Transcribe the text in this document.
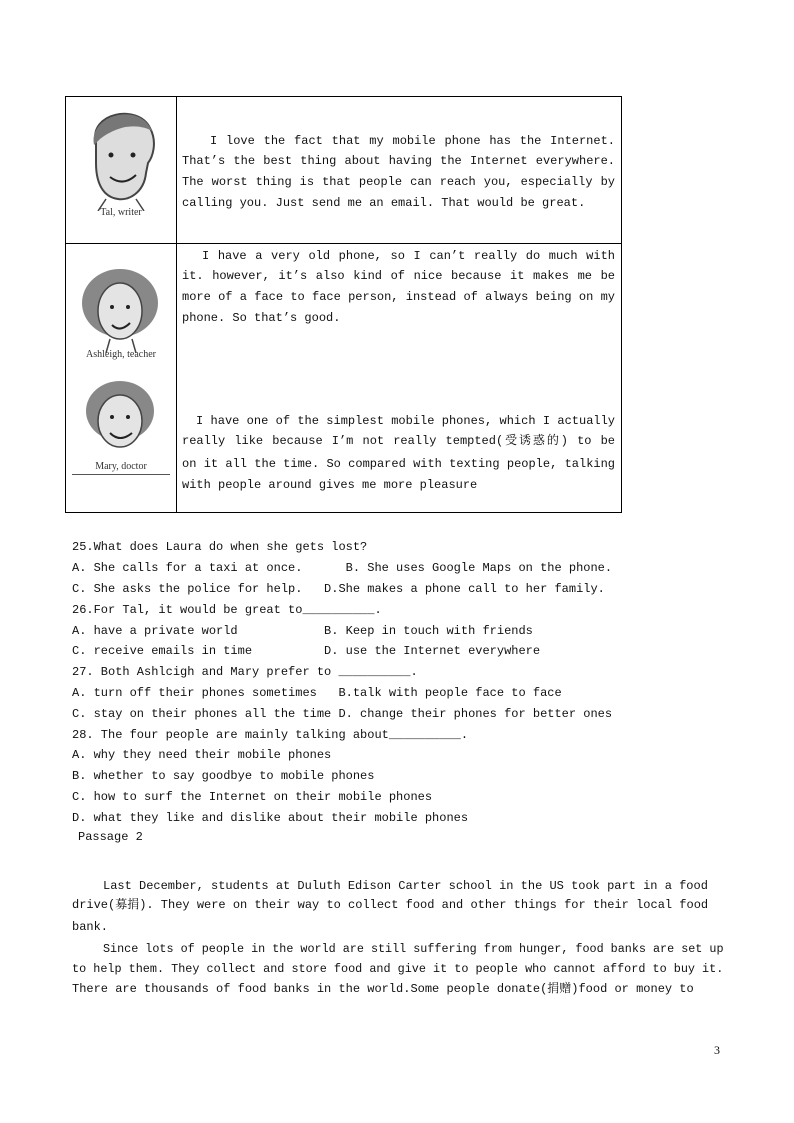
Tal, writer
Ashleigh, teacher
Mary, doctor
I love the fact that my mobile phone has the Internet.
That’s the best thing about having the Internet everywhere.
The worst thing is that people can reach you, especially by
calling you. Just send me an email. That would be great.
I have a very old phone, so I can’t really do much with
it. however, it’s also kind of nice because it makes me be
more of a face to face person, instead of always being on my
phone. So that’s good.
I have one of the simplest mobile phones, which I actually
really like because I’m not really tempted(受诱惑的) to be
on it all the time. So compared with texting people, talking
with people around gives me more pleasure
25.What does Laura do when she gets lost?
A. She calls for a taxi at once.      B. She uses Google Maps on the phone.
C. She asks the police for help.   D.She makes a phone call to her family.
26.For Tal, it would be great to__________.
A. have a private world            B. Keep in touch with friends
C. receive emails in time          D. use the Internet everywhere
27. Both Ashlcigh and Mary prefer to __________.
A. turn off their phones sometimes   B.talk with people face to face
C. stay on their phones all the time D. change their phones for better ones
28. The four people are mainly talking about__________.
A. why they need their mobile phones
B. whether to say goodbye to mobile phones
C. how to surf the Internet on their mobile phones
D. what they like and dislike about their mobile phones
Passage 2
Last December, students at Duluth Edison Carter school in the US took part in a food
drive(募捐). They were on their way to collect food and other things for their local food
bank.
Since lots of people in the world are still suffering from hunger, food banks are set up
to help them. They collect and store food and give it to people who cannot afford to buy it.
There are thousands of food banks in the world.Some people donate(捐赠)food or money to
3
